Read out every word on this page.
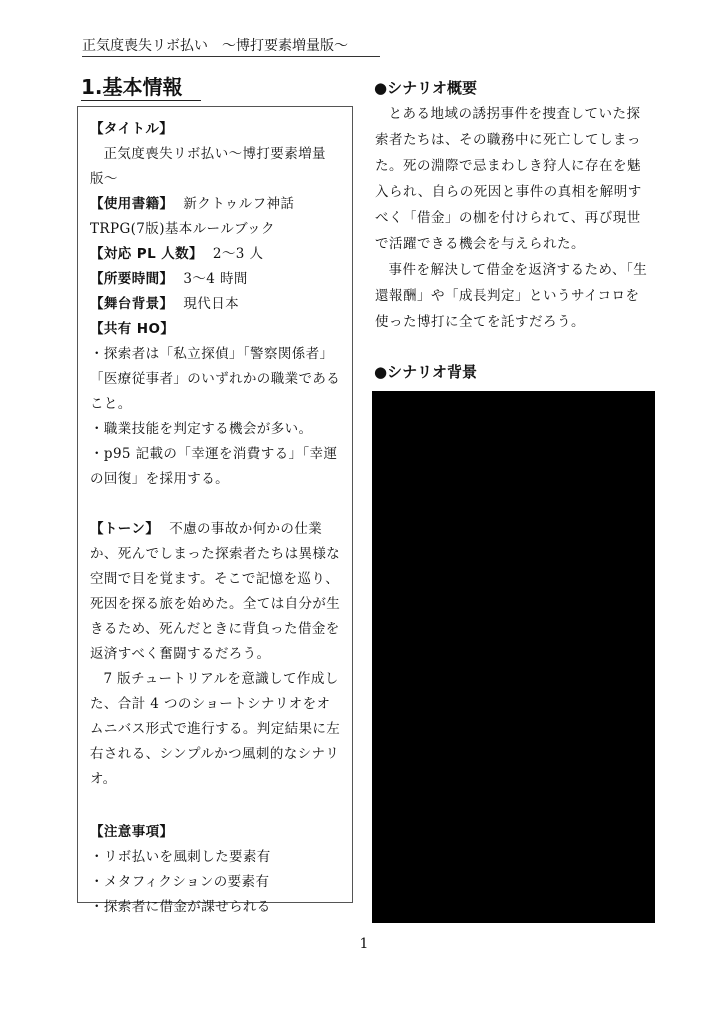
正気度喪失リボ払い　〜博打要素増量版〜
1.基本情報

【タイトル】

正気度喪失リボ払い〜博打要素増量版〜

【使用書籍】 新クトゥルフ神話TRPG(7版)基本ルールブック

【対応 PL 人数】 2〜3 人

【所要時間】 3〜4 時間

【舞台背景】 現代日本

【共有 HO】

・探索者は「私立探偵」「警察関係者」「医療従事者」のいずれかの職業であること。

・職業技能を判定する機会が多い。

・p95 記載の「幸運を消費する」「幸運の回復」を採用する。

【トーン】 不慮の事故か何かの仕業か、死んでしまった探索者たちは異様な空間で目を覚ます。そこで記憶を巡り、死因を探る旅を始めた。全ては自分が生きるため、死んだときに背負った借金を返済すべく奮闘するだろう。

7 版チュートリアルを意識して作成した、合計 4 つのショートシナリオをオムニバス形式で進行する。判定結果に左右される、シンプルかつ風刺的なシナリオ。

【注意事項】

・リボ払いを風刺した要素有

・メタフィクションの要素有

・探索者に借金が課せられる

●シナリオ概要

とある地域の誘拐事件を捜査していた探索者たちは、その職務中に死亡してしまった。死の淵際で忌まわしき狩人に存在を魅入られ、自らの死因と事件の真相を解明すべく「借金」の枷を付けられて、再び現世で活躍できる機会を与えられた。

事件を解決して借金を返済するため、「生還報酬」や「成長判定」というサイコロを使った博打に全てを託すだろう。

●シナリオ背景
1
